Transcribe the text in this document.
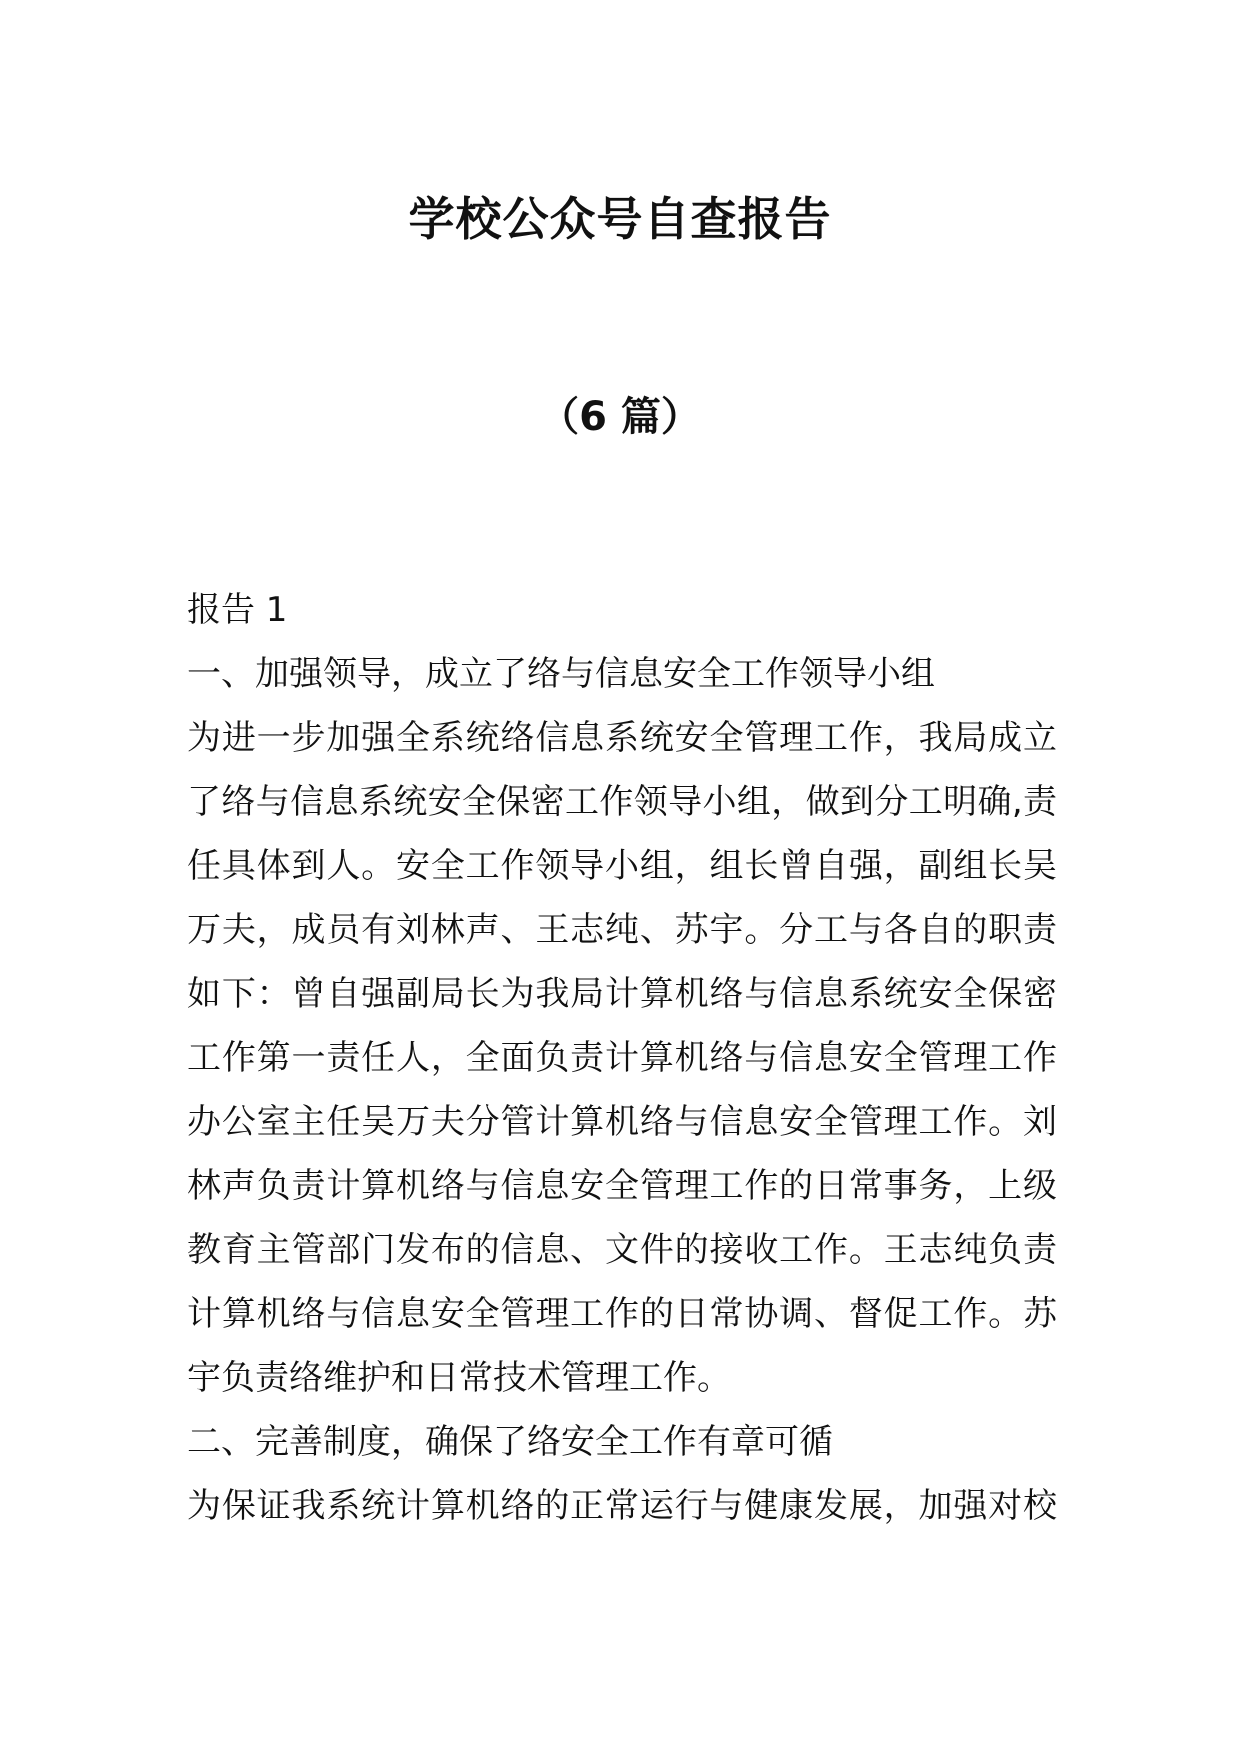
学校公众号自查报告
（6 篇）
报告 1
一、加强领导，成立了络与信息安全工作领导小组
为进一步加强全系统络信息系统安全管理工作，我局成立
了络与信息系统安全保密工作领导小组，做到分工明确,责
任具体到人。安全工作领导小组，组长曾自强，副组长吴
万夫，成员有刘林声、王志纯、苏宇。分工与各自的职责
如下：曾自强副局长为我局计算机络与信息系统安全保密
工作第一责任人，全面负责计算机络与信息安全管理工作
办公室主任吴万夫分管计算机络与信息安全管理工作。刘
林声负责计算机络与信息安全管理工作的日常事务，上级
教育主管部门发布的信息、文件的接收工作。王志纯负责
计算机络与信息安全管理工作的日常协调、督促工作。苏
宇负责络维护和日常技术管理工作。
二、完善制度，确保了络安全工作有章可循
为保证我系统计算机络的正常运行与健康发展，加强对校
